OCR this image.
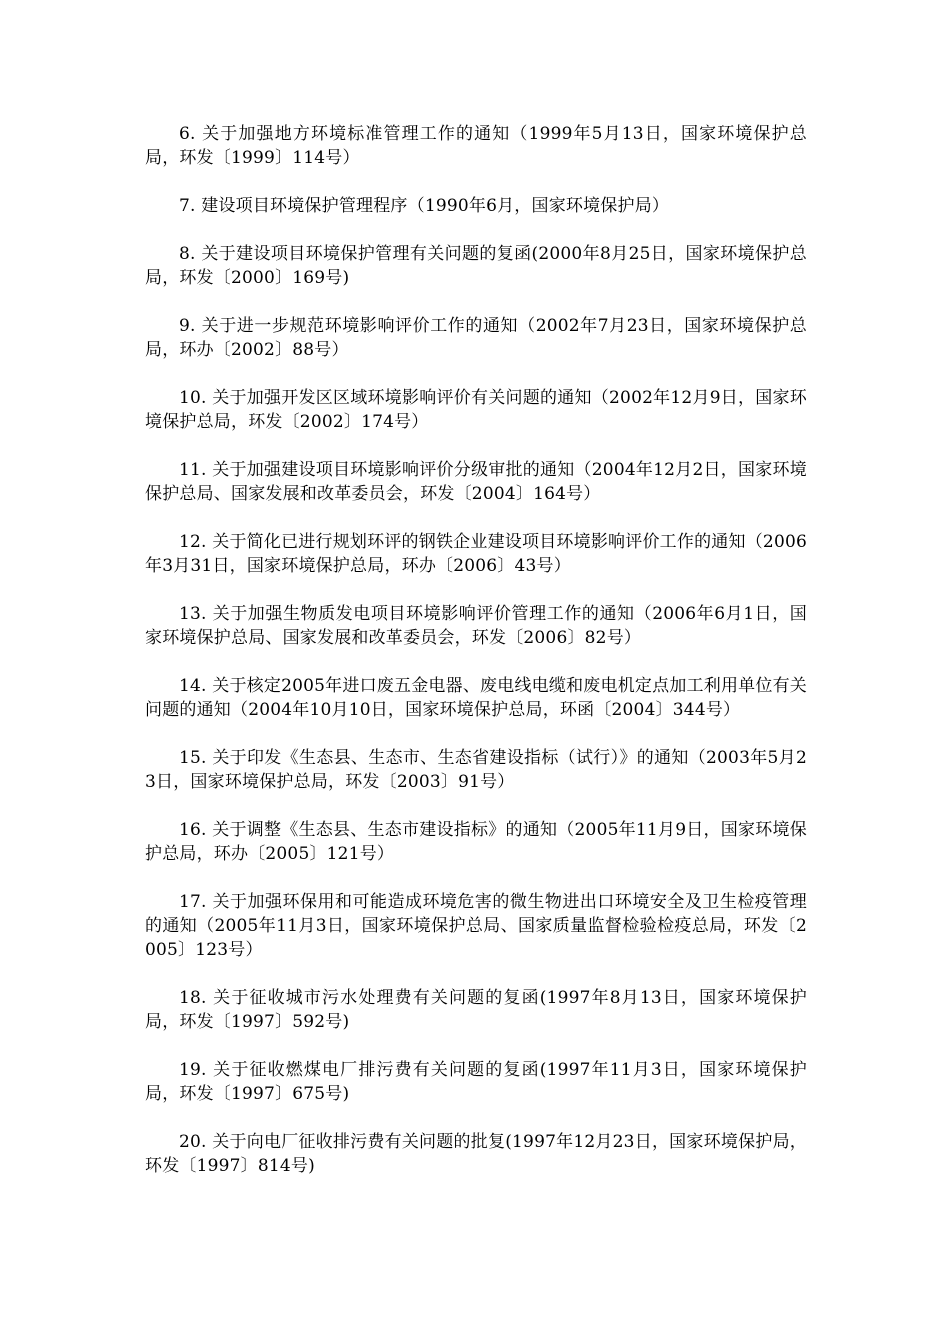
6. 关于加强地方环境标准管理工作的通知（1999年5月13日，国家环境保护总局，环发〔1999〕114号）

7. 建设项目环境保护管理程序（1990年6月，国家环境保护局）

8. 关于建设项目环境保护管理有关问题的复函(2000年8月25日，国家环境保护总局，环发〔2000〕169号)

9. 关于进一步规范环境影响评价工作的通知（2002年7月23日，国家环境保护总局，环办〔2002〕88号）

10. 关于加强开发区区域环境影响评价有关问题的通知（2002年12月9日，国家环境保护总局，环发〔2002〕174号）

11. 关于加强建设项目环境影响评价分级审批的通知（2004年12月2日，国家环境保护总局、国家发展和改革委员会，环发〔2004〕164号）

12. 关于简化已进行规划环评的钢铁企业建设项目环境影响评价工作的通知（2006年3月31日，国家环境保护总局，环办〔2006〕43号）

13. 关于加强生物质发电项目环境影响评价管理工作的通知（2006年6月1日，国家环境保护总局、国家发展和改革委员会，环发〔2006〕82号）

14. 关于核定2005年进口废五金电器、废电线电缆和废电机定点加工利用单位有关问题的通知（2004年10月10日，国家环境保护总局，环函〔2004〕344号）

15. 关于印发《生态县、生态市、生态省建设指标（试行）》的通知（2003年5月23日，国家环境保护总局，环发〔2003〕91号）

16. 关于调整《生态县、生态市建设指标》的通知（2005年11月9日，国家环境保护总局，环办〔2005〕121号）

17. 关于加强环保用和可能造成环境危害的微生物进出口环境安全及卫生检疫管理的通知（2005年11月3日，国家环境保护总局、国家质量监督检验检疫总局，环发〔2005〕123号）

18. 关于征收城市污水处理费有关问题的复函(1997年8月13日，国家环境保护局，环发〔1997〕592号)

19. 关于征收燃煤电厂排污费有关问题的复函(1997年11月3日，国家环境保护局，环发〔1997〕675号)

20. 关于向电厂征收排污费有关问题的批复(1997年12月23日，国家环境保护局，环发〔1997〕814号)
